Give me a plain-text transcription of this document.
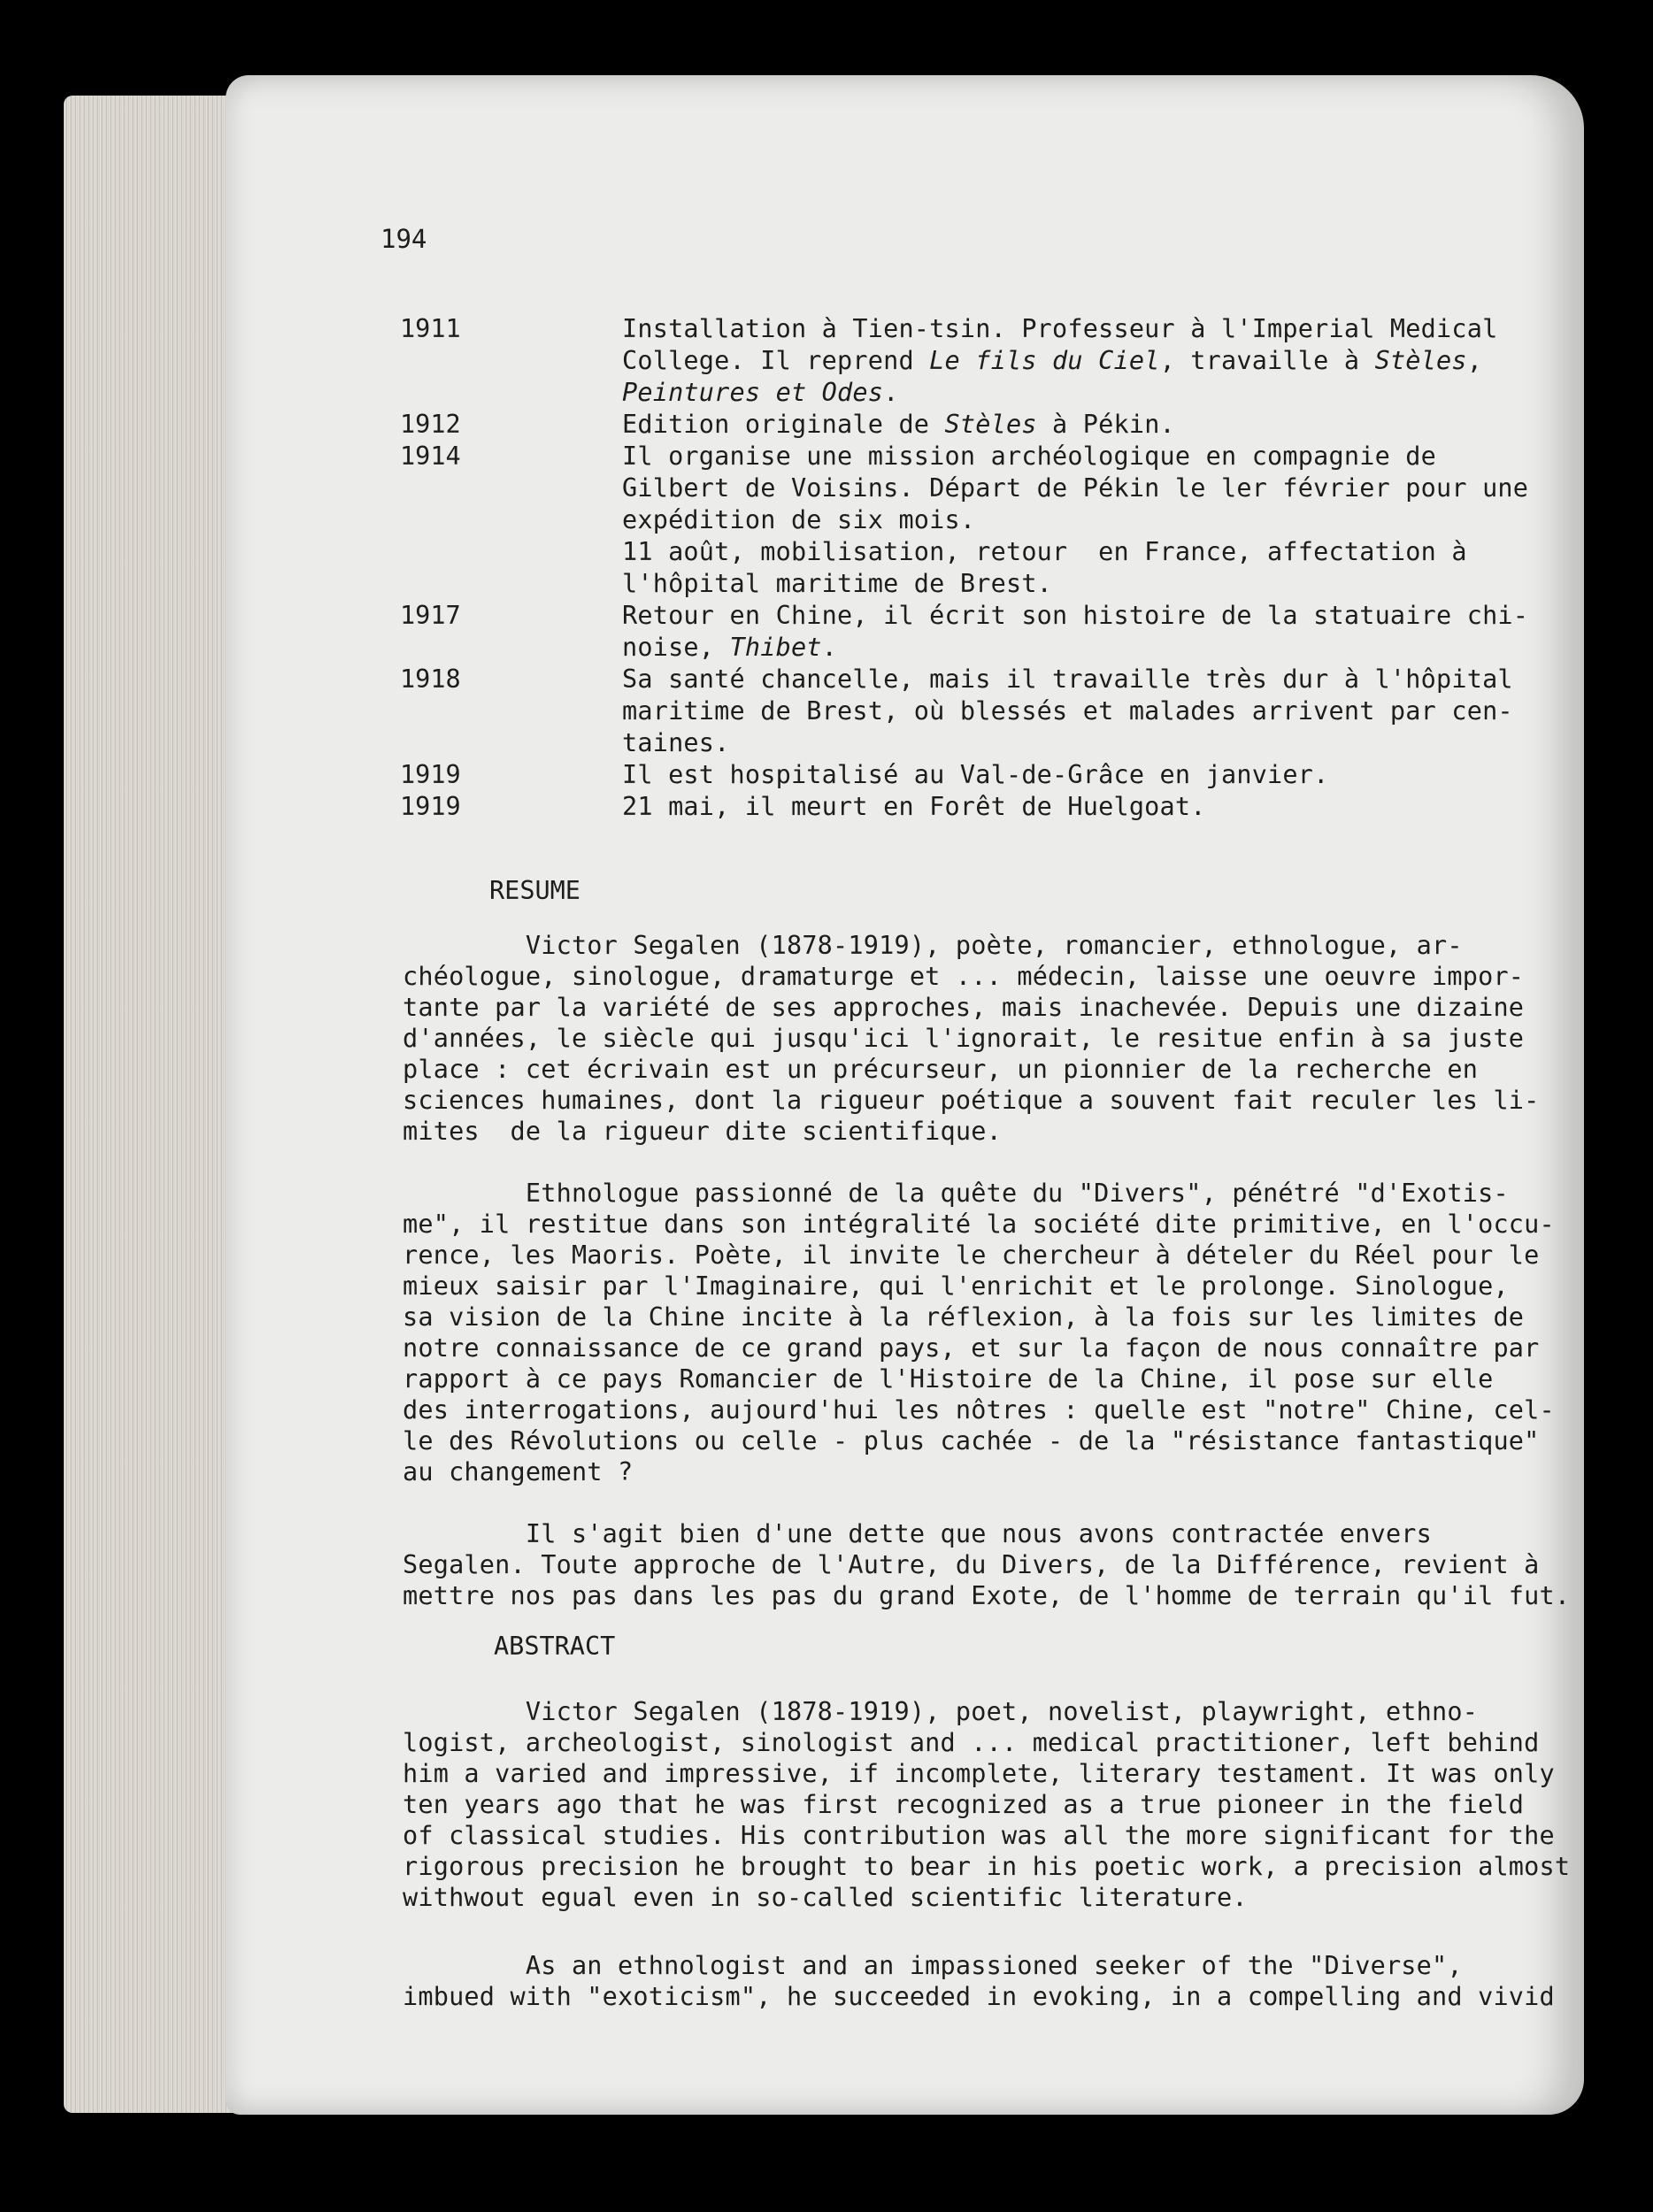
194
1911	Installation à Tien-tsin. Professeur à l'Imperial Medical
College. Il reprend Le fils du Ciel, travaille à Stèles,
Peintures et Odes.
1912	Edition originale de Stèles à Pékin.
1914	Il organise une mission archéologique en compagnie de
Gilbert de Voisins. Départ de Pékin le ler février pour une
expédition de six mois.
11 août, mobilisation, retour  en France, affectation à
l'hôpital maritime de Brest.
1917	Retour en Chine, il écrit son histoire de la statuaire chi-
noise, Thibet.
1918	Sa santé chancelle, mais il travaille très dur à l'hôpital
maritime de Brest, où blessés et malades arrivent par cen-
taines.
1919	Il est hospitalisé au Val-de-Grâce en janvier.
1919	21 mai, il meurt en Forêt de Huelgoat.
RESUME
Victor Segalen (1878-1919), poète, romancier, ethnologue, ar-
chéologue, sinologue, dramaturge et ... médecin, laisse une oeuvre impor-
tante par la variété de ses approches, mais inachevée. Depuis une dizaine
d'années, le siècle qui jusqu'ici l'ignorait, le resitue enfin à sa juste
place : cet écrivain est un précurseur, un pionnier de la recherche en
sciences humaines, dont la rigueur poétique a souvent fait reculer les li-
mites  de la rigueur dite scientifique.
Ethnologue passionné de la quête du "Divers", pénétré "d'Exotis-
me", il restitue dans son intégralité la société dite primitive, en l'occu-
rence, les Maoris. Poète, il invite le chercheur à dételer du Réel pour le
mieux saisir par l'Imaginaire, qui l'enrichit et le prolonge. Sinologue,
sa vision de la Chine incite à la réflexion, à la fois sur les limites de
notre connaissance de ce grand pays, et sur la façon de nous connaître par
rapport à ce pays Romancier de l'Histoire de la Chine, il pose sur elle
des interrogations, aujourd'hui les nôtres : quelle est "notre" Chine, cel-
le des Révolutions ou celle - plus cachée - de la "résistance fantastique"
au changement ?
Il s'agit bien d'une dette que nous avons contractée envers
Segalen. Toute approche de l'Autre, du Divers, de la Différence, revient à
mettre nos pas dans les pas du grand Exote, de l'homme de terrain qu'il fut.
ABSTRACT
Victor Segalen (1878-1919), poet, novelist, playwright, ethno-
logist, archeologist, sinologist and ... medical practitioner, left behind
him a varied and impressive, if incomplete, literary testament. It was only
ten years ago that he was first recognized as a true pioneer in the field
of classical studies. His contribution was all the more significant for the
rigorous precision he brought to bear in his poetic work, a precision almost
withwout egual even in so-called scientific literature.
As an ethnologist and an impassioned seeker of the "Diverse",
imbued with "exoticism", he succeeded in evoking, in a compelling and vivid
